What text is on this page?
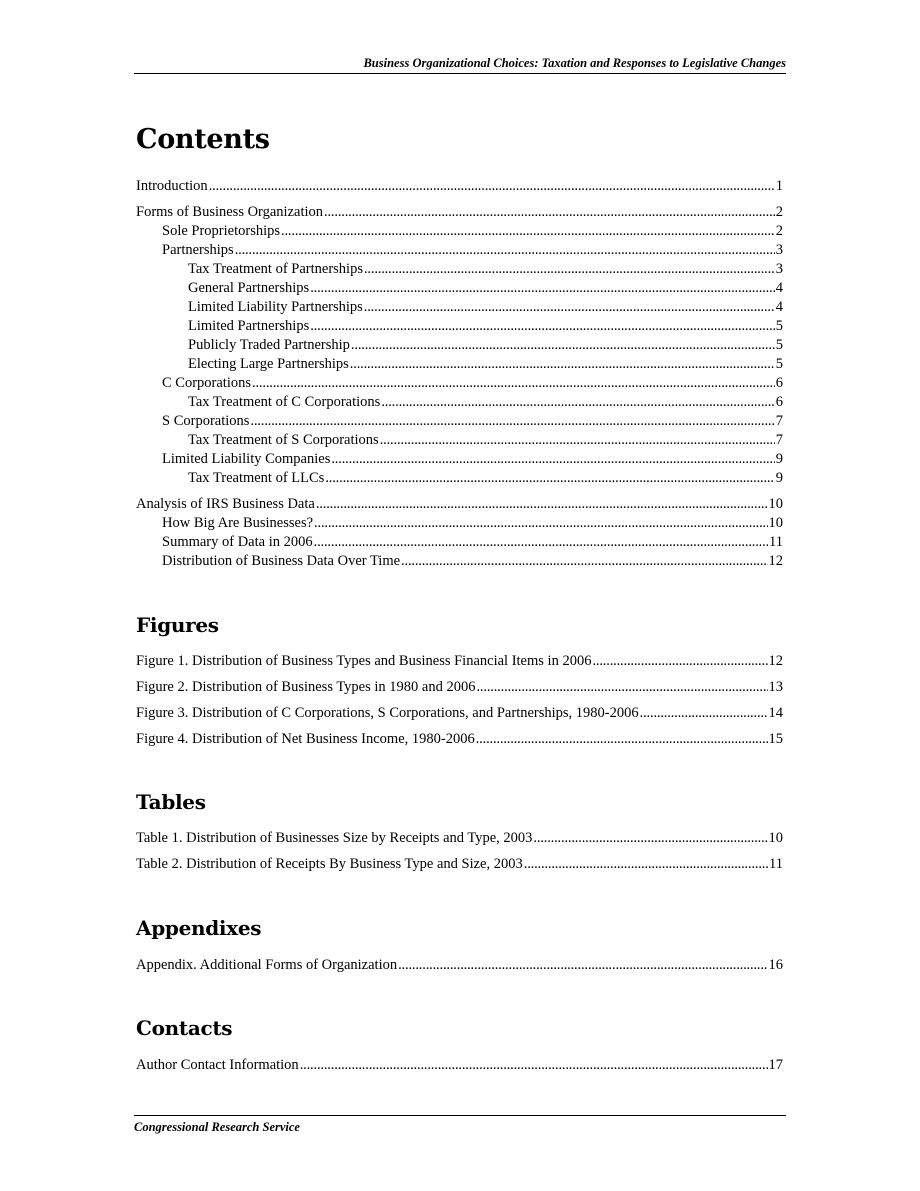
Business Organizational Choices: Taxation and Responses to Legislative Changes
Contents
Introduction . . .	1
Forms of Business Organization . . .	2
Sole Proprietorships . . .	2
Partnerships . . .	3
Tax Treatment of Partnerships . . .	3
General Partnerships . . .	4
Limited Liability Partnerships . . .	4
Limited Partnerships . . .	5
Publicly Traded Partnership . . .	5
Electing Large Partnerships . . .	5
C Corporations . . .	6
Tax Treatment of C Corporations . . .	6
S Corporations . . .	7
Tax Treatment of S Corporations . . .	7
Limited Liability Companies . . .	9
Tax Treatment of LLCs . . .	9
Analysis of IRS Business Data . . .	10
How Big Are Businesses? . . .	10
Summary of Data in 2006 . . .	11
Distribution of Business Data Over Time . . .	12
Figures
Figure 1. Distribution of Business Types and Business Financial Items in 2006 . . .	12
Figure 2. Distribution of Business Types in 1980 and 2006 . . .	13
Figure 3. Distribution of C Corporations, S Corporations, and Partnerships, 1980-2006 . . .	14
Figure 4. Distribution of Net Business Income, 1980-2006 . . .	15
Tables
Table 1. Distribution of Businesses Size by Receipts and Type, 2003 . . .	10
Table 2. Distribution of Receipts By Business Type and Size, 2003 . . .	11
Appendixes
Appendix. Additional Forms of Organization . . .	16
Contacts
Author Contact Information . . .	17
Congressional Research Service
